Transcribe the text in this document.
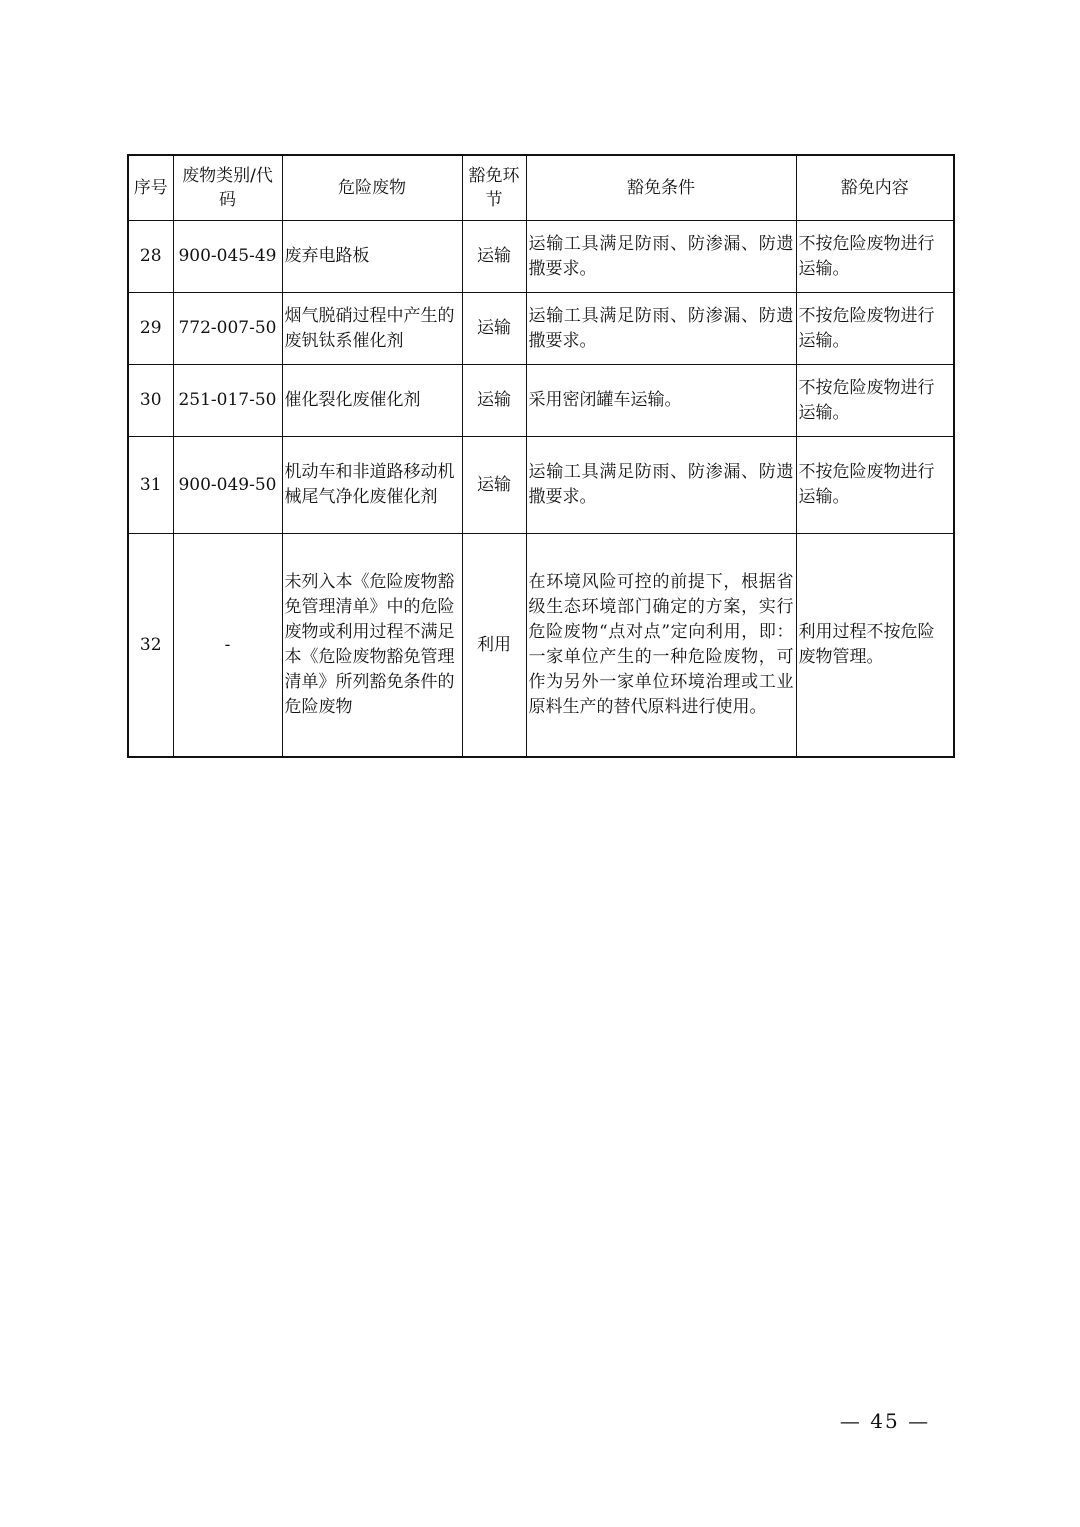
序号	废物类别/代码	危险废物	豁免环节	豁免条件	豁免内容
28	900-045-49	废弃电路板	运输	运输工具满足防雨、防渗漏、防遗撒要求。	不按危险废物进行运输。
29	772-007-50	烟气脱硝过程中产生的废钒钛系催化剂	运输	运输工具满足防雨、防渗漏、防遗撒要求。	不按危险废物进行运输。
30	251-017-50	催化裂化废催化剂	运输	采用密闭罐车运输。	不按危险废物进行运输。
31	900-049-50	机动车和非道路移动机械尾气净化废催化剂	运输	运输工具满足防雨、防渗漏、防遗撒要求。	不按危险废物进行运输。
32	-	未列入本《危险废物豁免管理清单》中的危险废物或利用过程不满足本《危险废物豁免管理清单》所列豁免条件的危险废物	利用	在环境风险可控的前提下，根据省级生态环境部门确定的方案，实行危险废物“点对点”定向利用，即：一家单位产生的一种危险废物，可作为另外一家单位环境治理或工业原料生产的替代原料进行使用。	利用过程不按危险废物管理。
— 45 —
